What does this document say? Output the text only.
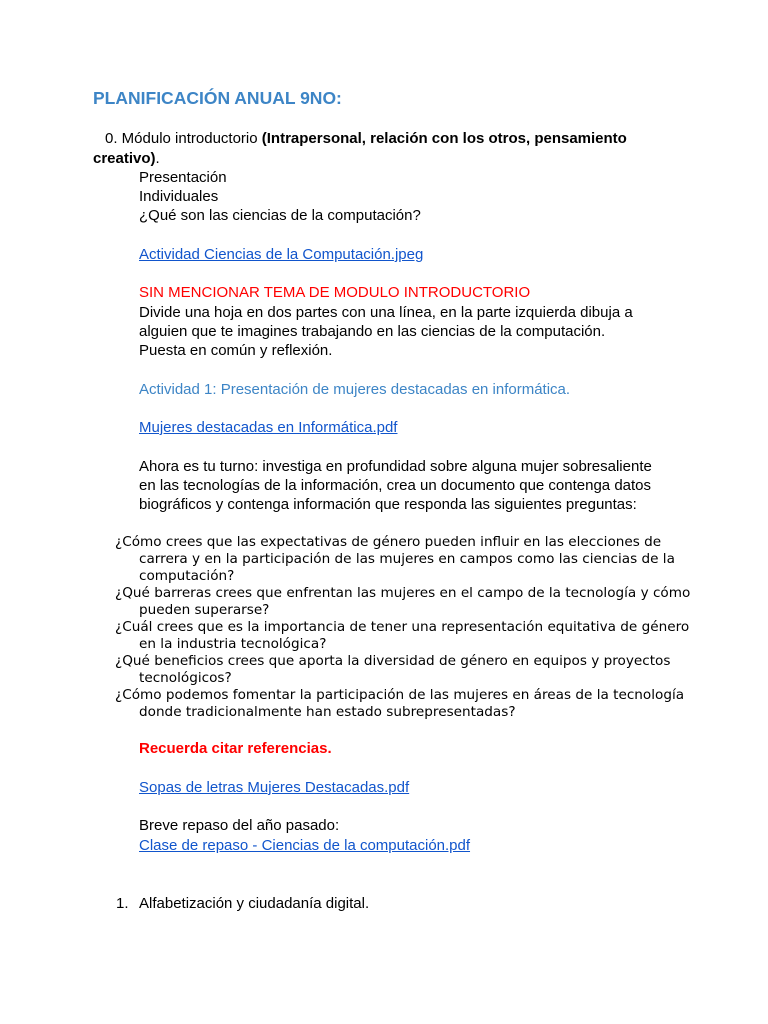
PLANIFICACIÓN ANUAL 9NO:
0. Módulo introductorio (Intrapersonal, relación con los otros, pensamiento
creativo).
Presentación
Individuales
¿Qué son las ciencias de la computación?
Actividad Ciencias de la Computación.jpeg
SIN MENCIONAR TEMA DE MODULO INTRODUCTORIO
Divide una hoja en dos partes con una línea, en la parte izquierda dibuja a
alguien que te imagines trabajando en las ciencias de la computación.
Puesta en común y reflexión.
Actividad 1: Presentación de mujeres destacadas en informática.
Mujeres destacadas en Informática.pdf
Ahora es tu turno: investiga en profundidad sobre alguna mujer sobresaliente
en las tecnologías de la información, crea un documento que contenga datos
biográficos y contenga información que responda las siguientes preguntas:
¿Cómo crees que las expectativas de género pueden influir en las elecciones de carrera y en la participación de las mujeres en campos como las ciencias de la computación?
¿Qué barreras crees que enfrentan las mujeres en el campo de la tecnología y cómo pueden superarse?
¿Cuál crees que es la importancia de tener una representación equitativa de género en la industria tecnológica?
¿Qué beneficios crees que aporta la diversidad de género en equipos y proyectos tecnológicos?
¿Cómo podemos fomentar la participación de las mujeres en áreas de la tecnología donde tradicionalmente han estado subrepresentadas?
Recuerda citar referencias.
Sopas de letras Mujeres Destacadas.pdf
Breve repaso del año pasado:
Clase de repaso - Ciencias de la computación.pdf
1. Alfabetización y ciudadanía digital.
